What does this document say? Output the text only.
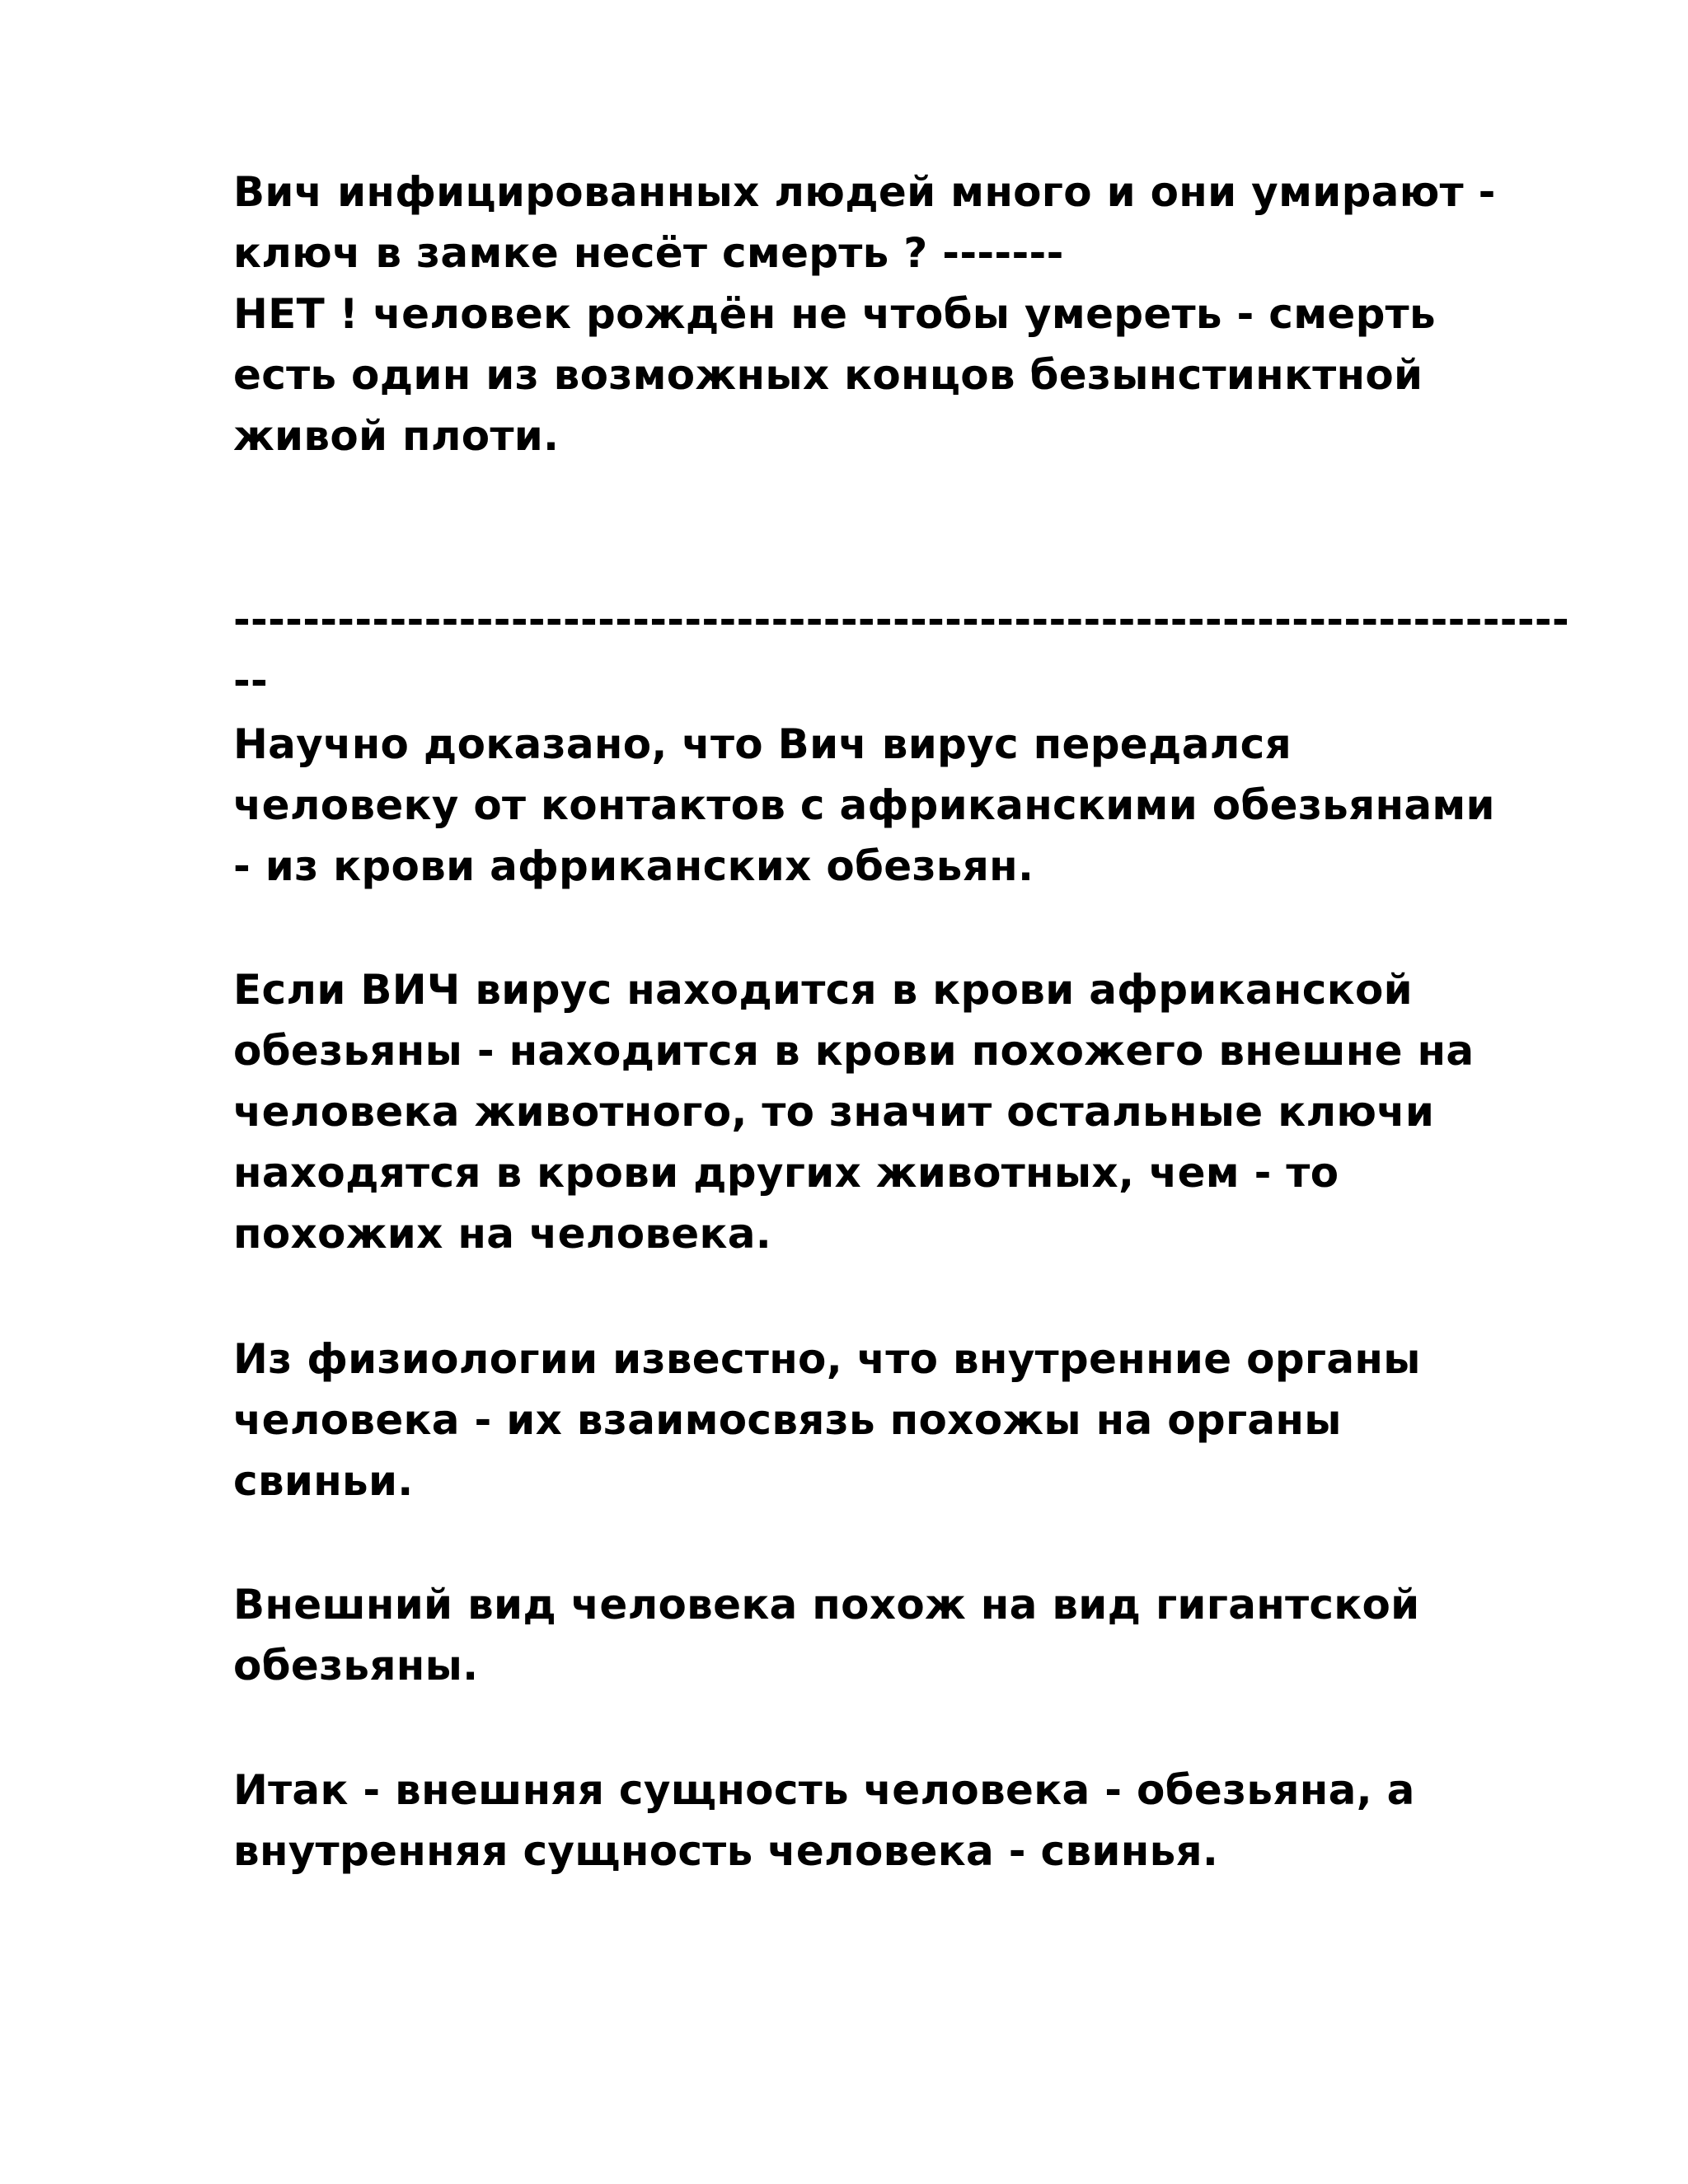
Вич инфицированных людей много и они умирают -
ключ в замке несёт смерть ? -------
НЕТ ! человек рождён не чтобы умереть - смерть
есть один из возможных концов безынстинктной
живой плоти.

-------------------------------------------------------------------------------

Научно доказано, что Вич вирус передался
человеку от контактов с африканскими обезьянами
- из крови африканских обезьян.

Если ВИЧ вирус находится в крови африканской
обезьяны - находится в крови похожего внешне на
человека животного, то значит остальные ключи
находятся в крови других животных, чем - то
похожих на человека.

Из физиологии известно, что внутренние органы
человека - их взаимосвязь похожы на органы
свиньи.

Внешний вид человека похож на вид гигантской
обезьяны.

Итак - внешняя сущность человека - обезьяна, а
внутренняя сущность человека - свинья.
